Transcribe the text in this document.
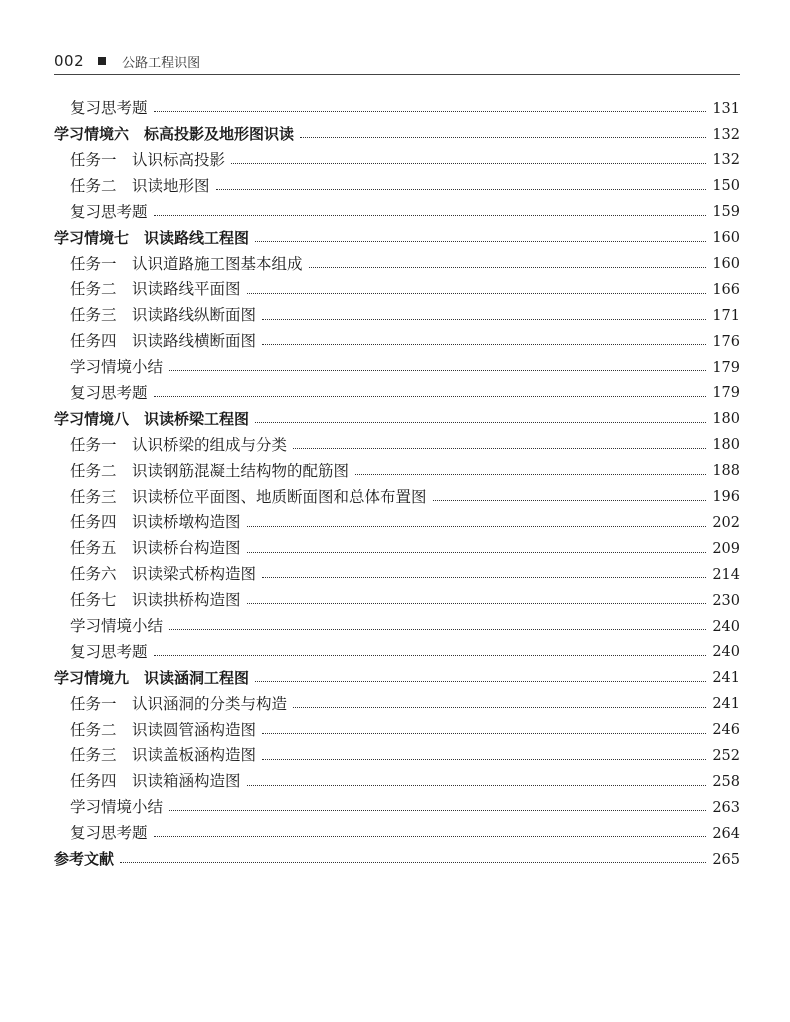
002	公路工程识图
复习思考题	131
学习情境六　标高投影及地形图识读	132
任务一　认识标高投影	132
任务二　识读地形图	150
复习思考题	159
学习情境七　识读路线工程图	160
任务一　认识道路施工图基本组成	160
任务二　识读路线平面图	166
任务三　识读路线纵断面图	171
任务四　识读路线横断面图	176
学习情境小结	179
复习思考题	179
学习情境八　识读桥梁工程图	180
任务一　认识桥梁的组成与分类	180
任务二　识读钢筋混凝土结构物的配筋图	188
任务三　识读桥位平面图、地质断面图和总体布置图	196
任务四　识读桥墩构造图	202
任务五　识读桥台构造图	209
任务六　识读梁式桥构造图	214
任务七　识读拱桥构造图	230
学习情境小结	240
复习思考题	240
学习情境九　识读涵洞工程图	241
任务一　认识涵洞的分类与构造	241
任务二　识读圆管涵构造图	246
任务三　识读盖板涵构造图	252
任务四　识读箱涵构造图	258
学习情境小结	263
复习思考题	264
参考文献	265
